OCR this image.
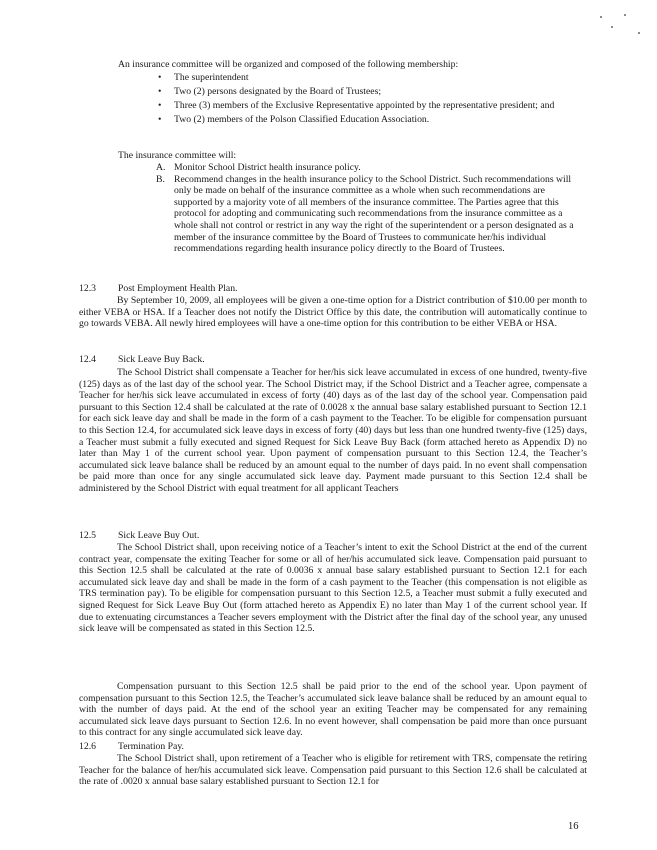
An insurance committee will be organized and composed of the following membership:

• The superintendent
• Two (2) persons designated by the Board of Trustees;
• Three (3) members of the Exclusive Representative appointed by the representative president; and
• Two (2) members of the Polson Classified Education Association.

The insurance committee will:

A. Monitor School District health insurance policy.
B. Recommend changes in the health insurance policy to the School District. Such recommendations will only be made on behalf of the insurance committee as a whole when such recommendations are supported by a majority vote of all members of the insurance committee. The Parties agree that this protocol for adopting and communicating such recommendations from the insurance committee as a whole shall not control or restrict in any way the right of the superintendent or a person designated as a member of the insurance committee by the Board of Trustees to communicate her/his individual recommendations regarding health insurance policy directly to the Board of Trustees.
12.3 Post Employment Health Plan.

By September 10, 2009, all employees will be given a one-time option for a District contribution of $10.00 per month to either VEBA or HSA. If a Teacher does not notify the District Office by this date, the contribution will automatically continue to go towards VEBA. All newly hired employees will have a one-time option for this contribution to be either VEBA or HSA.

12.4 Sick Leave Buy Back.

The School District shall compensate a Teacher for her/his sick leave accumulated in excess of one hundred, twenty-five (125) days as of the last day of the school year. The School District may, if the School District and a Teacher agree, compensate a Teacher for her/his sick leave accumulated in excess of forty (40) days as of the last day of the school year. Compensation paid pursuant to this Section 12.4 shall be calculated at the rate of 0.0028 x the annual base salary established pursuant to Section 12.1 for each sick leave day and shall be made in the form of a cash payment to the Teacher. To be eligible for compensation pursuant to this Section 12.4, for accumulated sick leave days in excess of forty (40) days but less than one hundred twenty-five (125) days, a Teacher must submit a fully executed and signed Request for Sick Leave Buy Back (form attached hereto as Appendix D) no later than May 1 of the current school year. Upon payment of compensation pursuant to this Section 12.4, the Teacher’s accumulated sick leave balance shall be reduced by an amount equal to the number of days paid. In no event shall compensation be paid more than once for any single accumulated sick leave day. Payment made pursuant to this Section 12.4 shall be administered by the School District with equal treatment for all applicant Teachers

12.5 Sick Leave Buy Out.

The School District shall, upon receiving notice of a Teacher’s intent to exit the School District at the end of the current contract year, compensate the exiting Teacher for some or all of her/his accumulated sick leave. Compensation paid pursuant to this Section 12.5 shall be calculated at the rate of 0.0036 x annual base salary established pursuant to Section 12.1 for each accumulated sick leave day and shall be made in the form of a cash payment to the Teacher (this compensation is not eligible as TRS termination pay). To be eligible for compensation pursuant to this Section 12.5, a Teacher must submit a fully executed and signed Request for Sick Leave Buy Out (form attached hereto as Appendix E) no later than May 1 of the current school year. If due to extenuating circumstances a Teacher severs employment with the District after the final day of the school year, any unused sick leave will be compensated as stated in this Section 12.5.

Compensation pursuant to this Section 12.5 shall be paid prior to the end of the school year. Upon payment of compensation pursuant to this Section 12.5, the Teacher’s accumulated sick leave balance shall be reduced by an amount equal to with the number of days paid. At the end of the school year an exiting Teacher may be compensated for any remaining accumulated sick leave days pursuant to Section 12.6. In no event however, shall compensation be paid more than once pursuant to this contract for any single accumulated sick leave day.

12.6 Termination Pay.

The School District shall, upon retirement of a Teacher who is eligible for retirement with TRS, compensate the retiring Teacher for the balance of her/his accumulated sick leave. Compensation paid pursuant to this Section 12.6 shall be calculated at the rate of .0020 x annual base salary established pursuant to Section 12.1 for

16
